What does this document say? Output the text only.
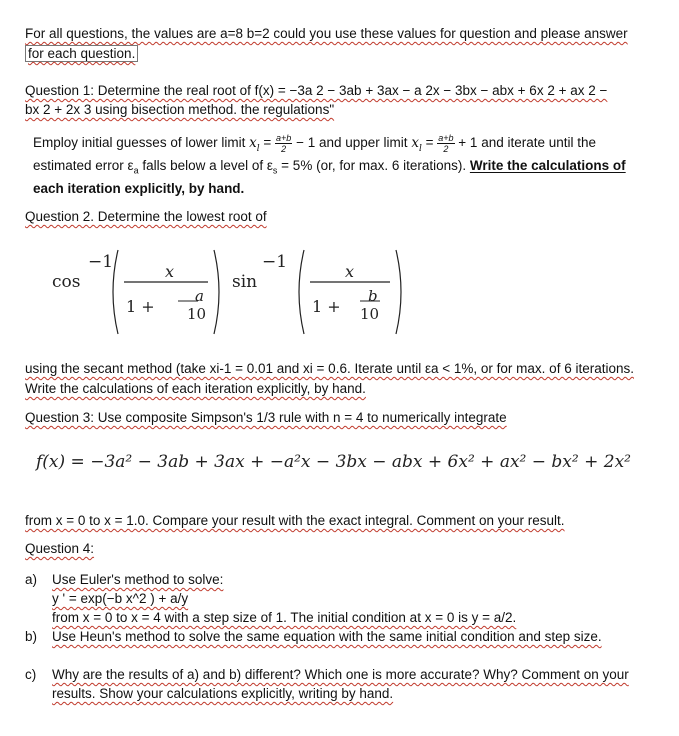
For all questions, the values are a=8 b=2 could you use these values for question and please answer
for each question.
Question 1: Determine the real root of f(x) = −3a 2 − 3ab + 3ax − a 2x − 3bx − abx + 6x 2 + ax 2 −
bx 2 + 2x 3 using bisection method. the regulations"
Employ initial guesses of lower limit $x_l = \frac{a+b}{2} - 1$ and upper limit $x_l = \frac{a+b}{2} + 1$ and iterate until the
estimated error $\varepsilon_a$ falls below a level of $\varepsilon_s = 5\%$ (or, for max. 6 iterations). Write the calculations of
each iteration explicitly, by hand.
Question 2. Determine the lowest root of
cos
−1	x
1 +
a
10
sin
−1	x
1 +
b
10
using the secant method (take xi-1 = 0.01 and xi = 0.6. Iterate until εa < 1%, or for max. of 6 iterations.
Write the calculations of each iteration explicitly, by hand.
Question 3: Use composite Simpson's 1/3 rule with n = 4 to numerically integrate
f(x) = −3a² − 3ab + 3ax + −a²x − 3bx − abx + 6x² + ax² − bx² + 2x²
from x = 0 to x = 1.0. Compare your result with the exact integral. Comment on your result.
Question 4:
a) Use Euler's method to solve:
y ' = exp(−b x^2 ) + a/y
from x = 0 to x = 4 with a step size of 1. The initial condition at x = 0 is y = a/2.
b) Use Heun's method to solve the same equation with the same initial condition and step size.
c) Why are the results of a) and b) different? Which one is more accurate? Why? Comment on your
results. Show your calculations explicitly, writing by hand.
